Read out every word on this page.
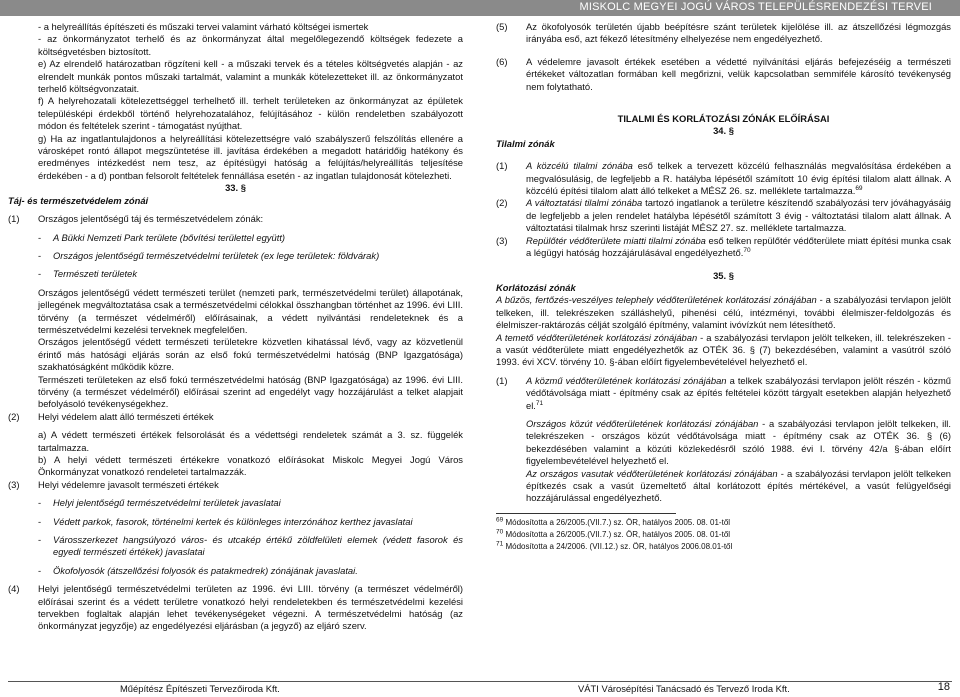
MISKOLC MEGYEI JOGÚ VÁROS TELEPÜLÉSRENDEZÉSI TERVEI

- a helyreállítás építészeti és műszaki tervei valamint várható költségei ismertek

- az önkormányzatot terhelő és az önkormányzat által megelőlegezendő költségek fedezete a költségvetésben biztosított.

e) Az elrendelő határozatban rögzíteni kell - a műszaki tervek és a tételes költségvetés alapján - az elrendelt munkák pontos műszaki tartalmát, valamint a munkák kötelezetteket ill. az önkormányzatot terhelő költségvonzatait.

f) A helyrehozatali kötelezettséggel terhelhető ill. terhelt területeken az önkormányzat az épületek településképi érdekből történő helyrehozatalához, felújításához - külön rendeletben szabályozott módon és feltételek szerint - támogatást nyújthat.

g) Ha az ingatlantulajdonos a helyreállítási kötelezettségre való szabályszerű felszólítás ellenére a városképet rontó állapot megszüntetése ill. javítása érdekében a megadott határidőig hatékony és eredményes intézkedést nem tesz, az építésügyi hatóság a felújítás/helyreállítás teljesítése érdekében - a d) pontban felsorolt feltételek fennállása esetén - az ingatlan tulajdonosát kötelezheti.

33. §

Táj- és természetvédelem zónái

(1)	Országos jelentőségű táj és természetvédelem zónák:
-	A Bükki Nemzeti Park területe (bővítési területtel együtt)
-	Országos jelentőségű természetvédelmi területek (ex lege területek: földvárak)
-	Természeti területek

Országos jelentőségű védett természeti terület (nemzeti park, természetvédelmi terület) állapotának, jellegének megváltoztatása csak a természetvédelmi célokkal összhangban történhet az 1996. évi LIII. törvény (a természet védelméről) előírásainak, a védett nyilvántási rendeleteknek és a természetvédelmi kezelési terveknek megfelelően.

Országos jelentőségű védett természeti területekre közvetlen kihatással lévő, vagy az közvetlenül érintő más hatósági eljárás során az első fokú természetvédelmi hatóság (BNP Igazgatósága) szakhatóságként működik közre.

Természeti területeken az első fokú természetvédelmi hatóság (BNP Igazgatósága) az 1996. évi LIII. törvény (a természet védelméről) előírásai szerint ad engedélyt vagy hozzájárulást a telket alapjait befolyásoló tevékenységekhez.

(2)	Helyi védelem alatt álló természeti értékek

a) A védett természeti értékek felsorolását és a védettségi rendeletek számát a 3. sz. függelék tartalmazza.

b) A helyi védett természeti értékekre vonatkozó előírásokat Miskolc Megyei Jogú Város Önkormányzat vonatkozó rendeletei tartalmazzák.

(3)	Helyi védelemre javasolt természeti értékek
-	Helyi jelentőségű természetvédelmi területek javaslatai
-	Védett parkok, fasorok, történelmi kertek és különleges interzónához kerthez javaslatai
-	Városszerkezet hangsúlyozó város- és utcakép értékű zöldfelületi elemek (védett fasorok és egyedi természeti értékek) javaslatai
-	Ökofolyosók (átszellőzési folyosók és patakmedrek) zónájának javaslatai.
(4)	Helyi jelentőségű természetvédelmi területen az 1996. évi LIII. törvény (a természet védelméről) előírásai szerint és a védett területre vonatkozó helyi rendeletekben és természetvédelmi kezelési tervekben foglaltak alapján lehet tevékenységeket végezni. A természetvédelmi hatóság (az önkormányzat jegyzője) az engedélyezési eljárásban (a jegyző) az eljáró szerv.
(5)	Az ökofolyosók területén újabb beépítésre szánt területek kijelölése ill. az átszellőzési légmozgás irányába eső, azt fékező létesítmény elhelyezése nem engedélyezhető.
(6)	A védelemre javasolt értékek esetében a védetté nyilvánítási eljárás befejezéséig a természeti értékeket változatlan formában kell megőrizni, velük kapcsolatban semmiféle károsító tevékenység nem folytatható.

TILALMI ÉS KORLÁTOZÁSI ZÓNÁK ELŐÍRÁSAI

34. §

Tilalmi zónák

(1)	A közcélú tilalmi zónába eső telkek a tervezett közcélú felhasználás megvalósítása érdekében a megvalósulásig, de legfeljebb a R. hatályba lépésétől számított 10 évig építési tilalom alatt állnak. A közcélú építési tilalom alatt álló telkeket a MÉSZ 26. sz. melléklete tartalmazza.$^{69}$
(2)	A változtatási tilalmi zónába tartozó ingatlanok a területre készítendő szabályozási terv jóváhagyásáig de legfeljebb a jelen rendelet hatályba lépésétől számított 3 évig - változtatási tilalom alatt állnak. A változtatási tilalmak hrsz szerinti listáját MÉSZ 27. sz. melléklete tartalmazza.
(3)	Repülőtér védőterülete miatti tilalmi zónába eső telken repülőtér védőterülete miatt építési munka csak a légügyi hatóság hozzájárulásával engedélyezhető.$^{70}$

35. §

Korlátozási zónák

A bűzös, fertőzés-veszélyes telephely védőterületének korlátozási zónájában - a szabályozási tervlapon jelölt telkeken, ill. telekrészeken szálláshelyű, pihenési célú, intézményi, további élelmiszer-feldolgozás és élelmiszer-raktározás célját szolgáló építmény, valamint ivóvízkút nem létesíthető.

A temető védőterületének korlátozási zónájában - a szabályozási tervlapon jelölt telkeken, ill. telekrészeken - a vasút védőterülete miatt engedélyezhetők az OTÉK 36. § (7) bekezdésében, valamint a vasútról szóló 1993. évi XCV. törvény 10. §-ában előírt figyelembevételével helyezhető el.

(1)	A közmű védőterületének korlátozási zónájában a telkek szabályozási tervlapon jelölt részén - közmű védőtávolsága miatt - építmény csak az építés feltételei között tárgyalt esetekben alapján helyezhető el.$^{71}$

Országos közút védőterületének korlátozási zónájában - a szabályozási tervlapon jelölt telkeken, ill. telekrészeken - országos közút védőtávolsága miatt - építmény csak az OTÉK 36. § (6) bekezdésében valamint a közúti közlekedésről szóló 1988. évi I. törvény 42/a §-ában előírt figyelembevételével helyezhető el.

Az országos vasutak védőterületének korlátozási zónájában - a szabályozási tervlapon jelölt telkeken építkezés csak a vasút üzemeltető által korlátozott építés mértékével, a vasút felügyelőségi hozzájárulással engedélyezhető.

$^{69}$ Módosította a 26/2005.(VII.7.) sz. ÖR, hatályos 2005. 08. 01-től

$^{70}$ Módosította a 26/2005.(VII.7.) sz. ÖR, hatályos 2005. 08. 01-től

$^{71}$ Módosította a 24/2006. (VII.12.) sz. ÖR, hatályos 2006.08.01-től

Műépítész Építészeti Tervezőiroda Kft.	VÁTI Városépítési Tanácsadó és Tervező Iroda Kft.	18
